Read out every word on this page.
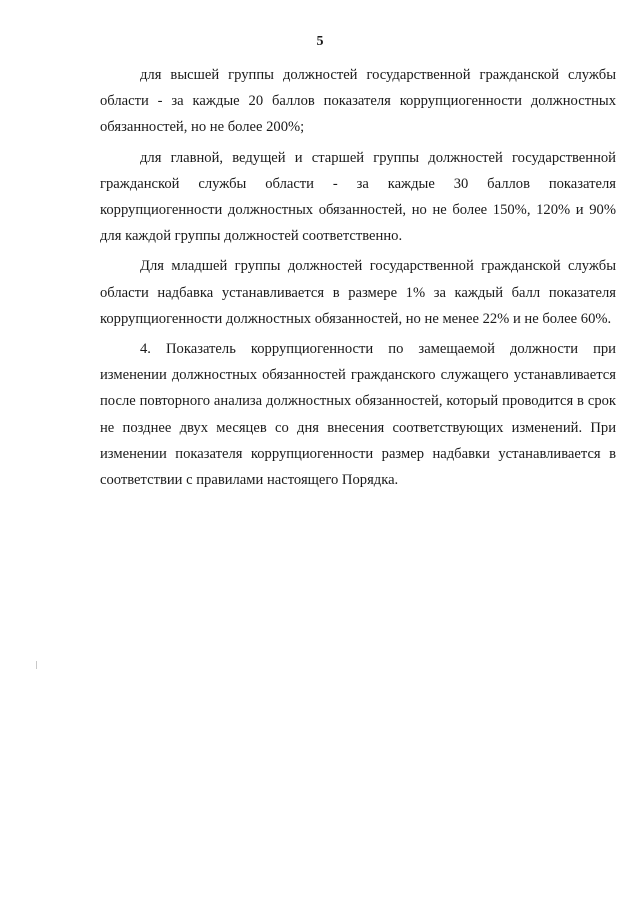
5

для высшей группы должностей государственной гражданской службы области - за каждые 20 баллов показателя коррупциогенности должностных обязанностей, но не более 200%;

для главной, ведущей и старшей группы должностей государственной гражданской службы области - за каждые 30 баллов показателя коррупциогенности должностных обязанностей, но не более 150%, 120% и 90% для каждой группы должностей соответственно.

Для младшей группы должностей государственной гражданской службы области надбавка устанавливается в размере 1% за каждый балл показателя коррупциогенности должностных обязанностей, но не менее 22% и не более 60%.

4. Показатель коррупциогенности по замещаемой должности при изменении должностных обязанностей гражданского служащего устанавливается после повторного анализа должностных обязанностей, который проводится в срок не позднее двух месяцев со дня внесения соответствующих изменений. При изменении показателя коррупциогенности размер надбавки устанавливается в соответствии с правилами настоящего Порядка.
